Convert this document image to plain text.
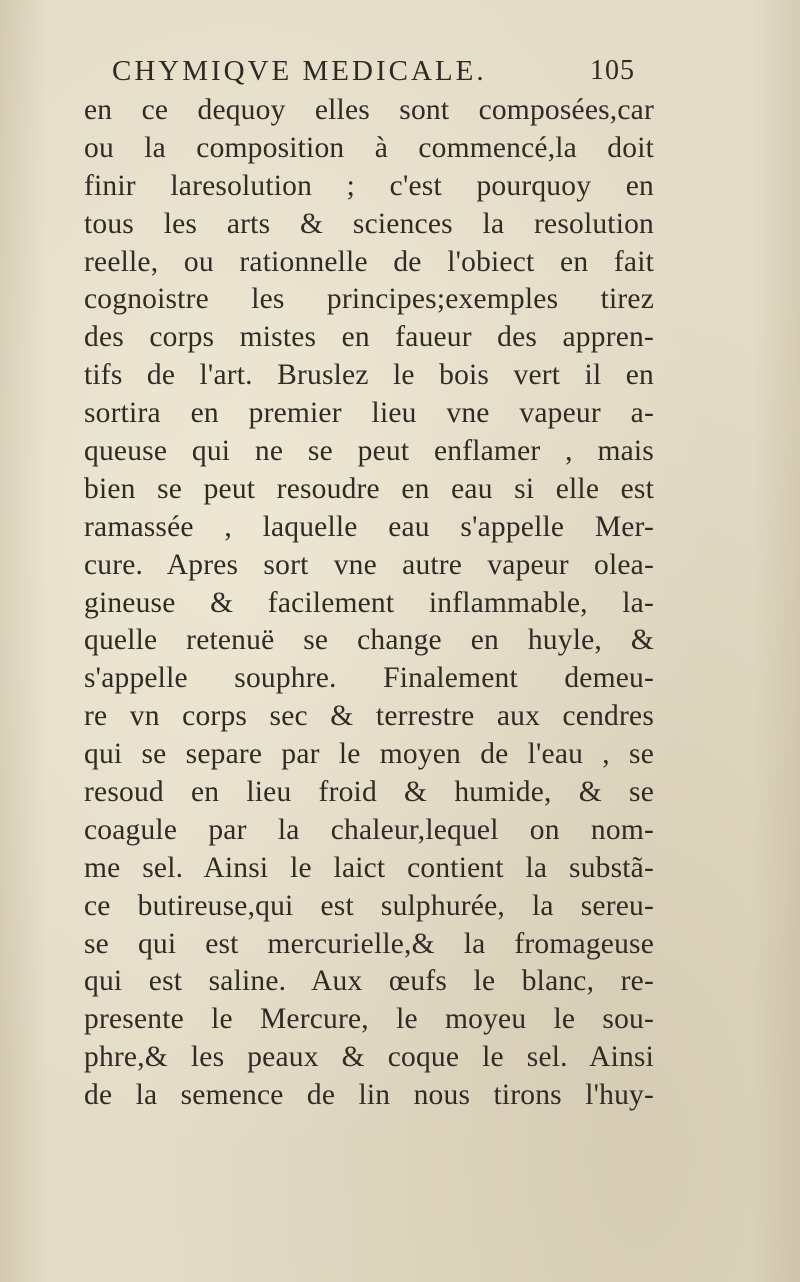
CHYMIQVE MEDICALE.	105
en ce dequoy elles sont composées,car
ou la composition à commencé,la doit
finir laresolution ; c'est pourquoy en
tous les arts & sciences la resolution
reelle, ou rationnelle de l'obiect en fait
cognoistre les principes;exemples tirez
des corps mistes en faueur des appren-
tifs de l'art. Bruslez le bois vert il en
sortira en premier lieu vne vapeur a-
queuse qui ne se peut enflamer , mais
bien se peut resoudre en eau si elle est
ramassée , laquelle eau s'appelle Mer-
cure. Apres sort vne autre vapeur olea-
gineuse & facilement inflammable, la-
quelle retenuë se change en huyle, &
s'appelle souphre. Finalement demeu-
re vn corps sec & terrestre aux cendres
qui se separe par le moyen de l'eau , se
resoud en lieu froid & humide, & se
coagule par la chaleur,lequel on nom-
me sel. Ainsi le laict contient la substã-
ce butireuse,qui est sulphurée, la sereu-
se qui est mercurielle,& la fromageuse
qui est saline. Aux œufs le blanc, re-
presente le Mercure, le moyeu le sou-
phre,& les peaux & coque le sel. Ainsi
de la semence de lin nous tirons l'huy-
